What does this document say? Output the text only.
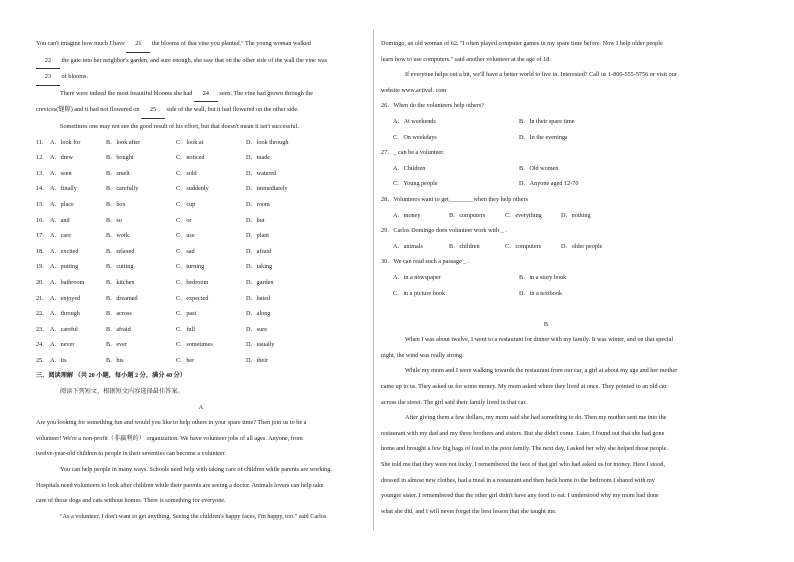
You can't imagine how much I have 21 the blooms of that vine you planted." The young woman walked

22 the gate into her neighbor's garden, and sure enough, she saw that on the other side of the wall the vine was

23 of blooms.

There were indeed the most beautiful blooms she had 24 seen. The vine had grown through the

crevices(缝隙) and it had not flowered on 25 side of the wall, but it had flowered on the other side.

Sometimes one may not see the good result of his effort, but that doesn't mean it isn't successful.

11.	A．look for	B．look after	C．look at	D．look through
12.	A．drew	B．bought	C．noticed	D．made
13.	A．seen	B．smelt	C．sold	D．watered
14.	A．finally	B．carefully	C．suddenly	D．immediately
15.	A．place	B．box	C．cup	D．room
16.	A．and	B．so	C．or	D．but
17.	A．care	B．work	C．use	D．plant
18.	A．excited	B．relaxed	C．sad	D．afraid
19.	A．putting	B．cutting	C．turning	D．taking
20.	A．bathroom	B．kitchen	C．bedroom	D．garden
21.	A．enjoyed	B．dreamed	C．expected	D．hated
22.	A．through	B．across	C．past	D．along
23.	A．careful	B．afraid	C．full	D．sure
24.	A．never	B．ever	C．sometimes	D．usually
25.	A．its	B．his	C．her	D．their

三、阅读理解 （共 20 小题，每小题 2 分，满分 40 分）

阅读下列短文，根据短文内容选择最佳答案。

A

Are you looking for something fun and would you like to help others in your spare time? Then join us to be a

volunteer! We're a non-profit（非赢利的） organization. We have volunteer jobs of all ages. Anyone, from

twelve-year-old children to people in their seventies can become a volunteer.

You can help people in many ways. Schools need help with taking care of children while parents are working.

Hospitals need volunteers to look after children while their parents are seeing a doctor. Animals lovers can help take

care of those dogs and cats without homes. There is something for everyone.

"As a volunteer, I don't want to get anything. Seeing the children's happy faces, I'm happy, too." said Carlos

Domingo, an old woman of 62. "I often played computer games in my spare time before. Now I help older people

learn how to use computers." said another volunteer at the age of 18.

If everyone helps out a bit, we'll have a better world to live in. Interested? Call us 1-800-555-5756 or visit our

website www.actival. com

26．When do the volunteers help others?

A．At weekends	B．In their spare time
C．On weekdays	D．In the evenings

27．_ can be a volunteer.

A．Children	B．Old women
C．Young people	D．Anyone aged 12-70

28．Volunteers want to get________when they help others

A．money	B．computers	C．everything	D．nothing

29．Carlos Domingo does volunteer work with _ .

A．animals	B．children	C．computers	D．older people

30．We can read such a passage _ .

A．in a newspaper	B．in a story book
C．in a picture book	D．in a textbook

B

When I was about twelve, I went to a restaurant for dinner with my family. It was winter, and on that special

night, the wind was really strong.

While my mom and I were walking towards the restaurant from our car, a girl at about my age and her mother

came up to us. They asked us for some money. My mom asked where they lived at once. They pointed to an old car

across the street. The girl said their family lived in that car.

After giving them a few dollars, my mom said she had something to do. Then my mother sent me into the

restaurant with my dad and my three brothers and sisters. But she didn't come. Later, I found out that she had gone

home and brought a few big bags of food to the poor family. The next day, I asked her why she helped those people.

She told me that they were not lucky. I remembered the face of that girl who had asked us for money. Here I stood,

dressed in almost new clothes, had a meal in a restaurant and then back home to the bedroom I shared with my

younger sister. I remembered that the other girl didn't have any food to eat. I understood why my mom had done

what she did, and I will never forget the best lesson that she taught me.
